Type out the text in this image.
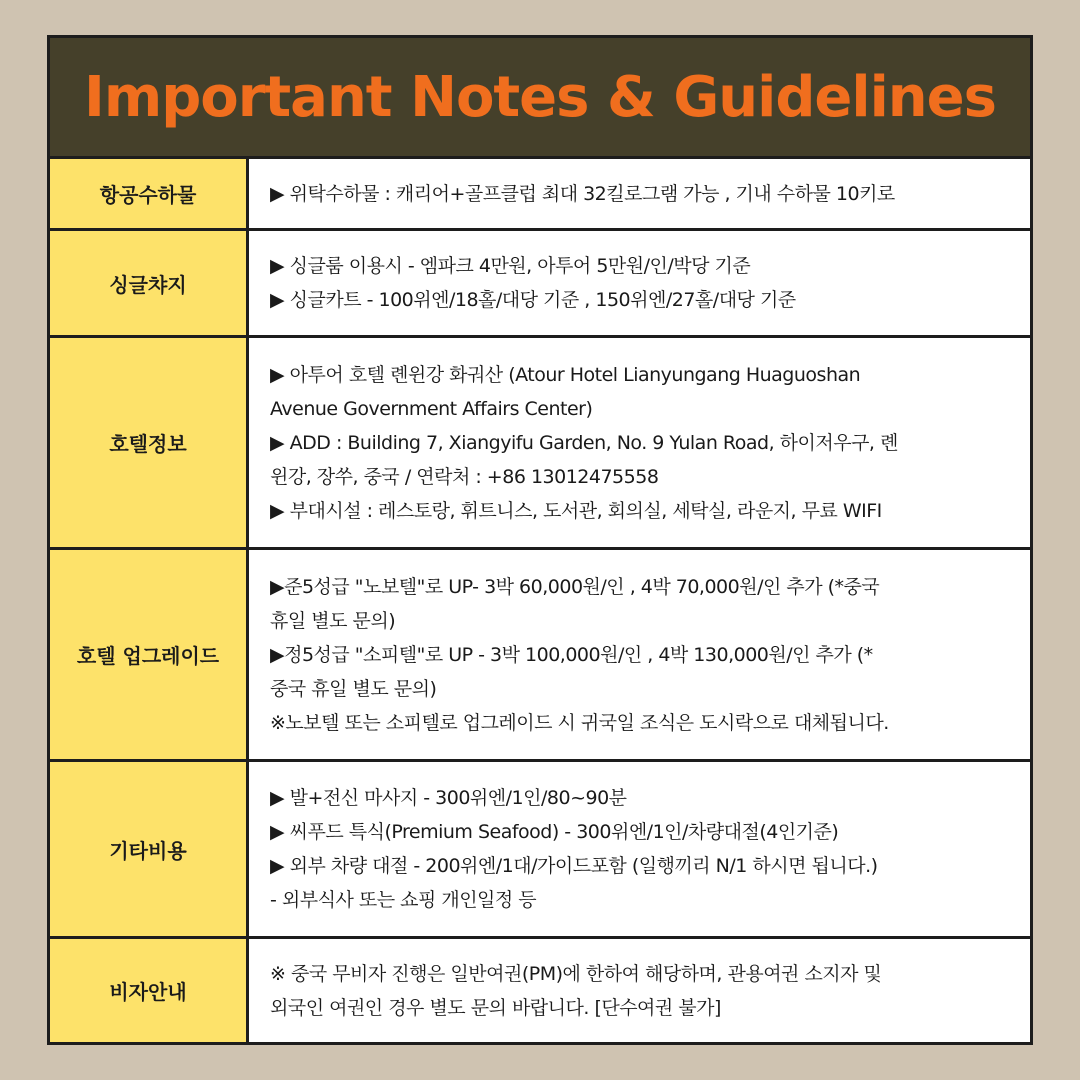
Important Notes & Guidelines
항공수하물	▶ 위탁수하물 : 캐리어+골프클럽 최대 32킬로그램 가능 , 기내 수하물 10키로
싱글챠지
▶ 싱글룸 이용시 - 엠파크 4만원, 아투어 5만원/인/박당 기준
▶ 싱글카트 - 100위엔/18홀/대당 기준 , 150위엔/27홀/대당 기준
호텔정보
▶ 아투어 호텔 롄윈강 화궈산 (Atour Hotel Lianyungang Huaguoshan
Avenue Government Affairs Center)
▶ ADD : Building 7, Xiangyifu Garden, No. 9 Yulan Road, 하이저우구, 롄
윈강, 장쑤, 중국 / 연락처 : +86 13012475558
▶ 부대시설 : 레스토랑, 휘트니스, 도서관, 회의실, 세탁실, 라운지, 무료 WIFI
호텔 업그레이드
▶준5성급 "노보텔"로 UP- 3박 60,000원/인 , 4박 70,000원/인 추가 (*중국
휴일 별도 문의)
▶정5성급 "소피텔"로 UP - 3박 100,000원/인 , 4박 130,000원/인 추가 (*
중국 휴일 별도 문의)
※노보텔 또는 소피텔로 업그레이드 시 귀국일 조식은 도시락으로 대체됩니다.
기타비용
▶ 발+전신 마사지 - 300위엔/1인/80~90분
▶ 씨푸드 특식(Premium Seafood) - 300위엔/1인/차량대절(4인기준)
▶ 외부 차량 대절 - 200위엔/1대/가이드포함 (일행끼리 N/1 하시면 됩니다.)
- 외부식사 또는 쇼핑 개인일정 등
비자안내
※ 중국 무비자 진행은 일반여권(PM)에 한하여 해당하며, 관용여권 소지자 및
외국인 여권인 경우 별도 문의 바랍니다. [단수여권 불가]
